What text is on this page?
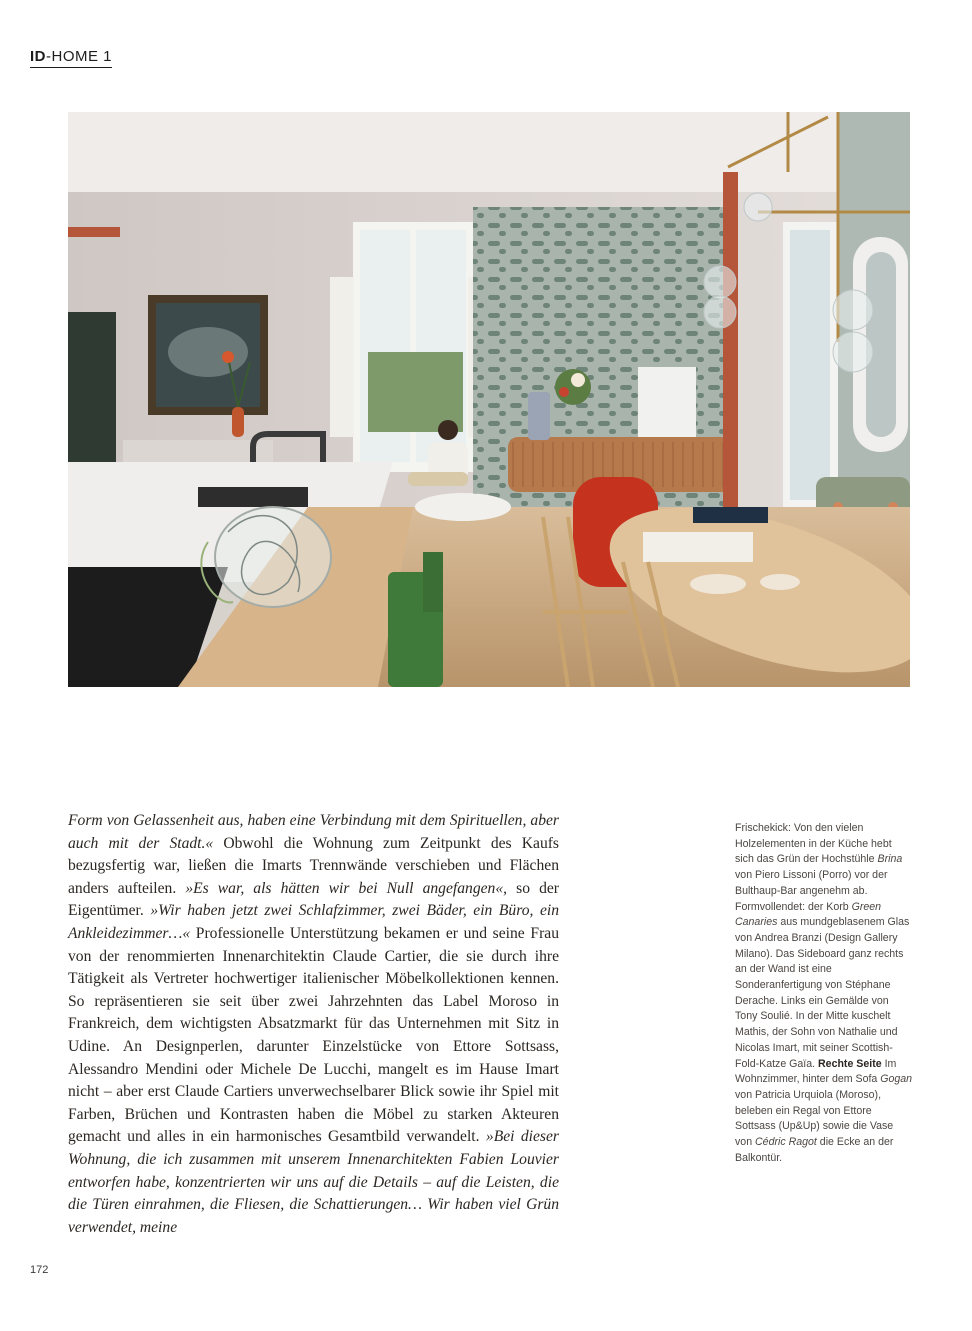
ID-HOME 1

Form von Gelassenheit aus, haben eine Verbindung mit dem Spirituellen, aber auch mit der Stadt.« Obwohl die Wohnung zum Zeitpunkt des Kaufs bezugsfertig war, ließen die Imarts Trennwände verschieben und Flächen anders aufteilen. »Es war, als hätten wir bei Null angefangen«, so der Eigentümer. »Wir haben jetzt zwei Schlafzimmer, zwei Bäder, ein Büro, ein Ankleidezimmer…« Professionelle Unterstützung bekamen er und seine Frau von der renommierten Innenarchitektin Claude Cartier, die sie durch ihre Tätigkeit als Vertreter hochwertiger italienischer Möbelkollektionen kennen. So repräsentieren sie seit über zwei Jahrzehnten das Label Moroso in Frankreich, dem wichtigsten Absatzmarkt für das Unternehmen mit Sitz in Udine. An Designperlen, darunter Einzelstücke von Ettore Sottsass, Alessandro Mendini oder Michele De Lucchi, mangelt es im Hause Imart nicht – aber erst Claude Cartiers unverwechselbarer Blick sowie ihr Spiel mit Farben, Brüchen und Kontrasten haben die Möbel zu starken Akteuren gemacht und alles in ein harmonisches Gesamtbild verwandelt. »Bei dieser Wohnung, die ich zusammen mit unserem Innenarchitekten Fabien Louvier entworfen habe, konzentrierten wir uns auf die Details – auf die Leisten, die die Türen einrahmen, die Fliesen, die Schattierungen… Wir haben viel Grün verwendet, meine

Frischekick: Von den vielen Holzelementen in der Küche hebt sich das Grün der Hochstühle Brina von Piero Lissoni (Porro) vor der Bulthaup-Bar angenehm ab. Formvollendet: der Korb Green Canaries aus mundgeblasenem Glas von Andrea Branzi (Design Gallery Milano). Das Sideboard ganz rechts an der Wand ist eine Sonderanfertigung von Stéphane Derache. Links ein Gemälde von Tony Soulié. In der Mitte kuschelt Mathis, der Sohn von Nathalie und Nicolas Imart, mit seiner Scottish-Fold-Katze Gaïa. Rechte Seite Im Wohnzimmer, hinter dem Sofa Gogan von Patricia Urquiola (Moroso), beleben ein Regal von Ettore Sottsass (Up&Up) sowie die Vase von Cédric Ragot die Ecke an der Balkontür.

172
